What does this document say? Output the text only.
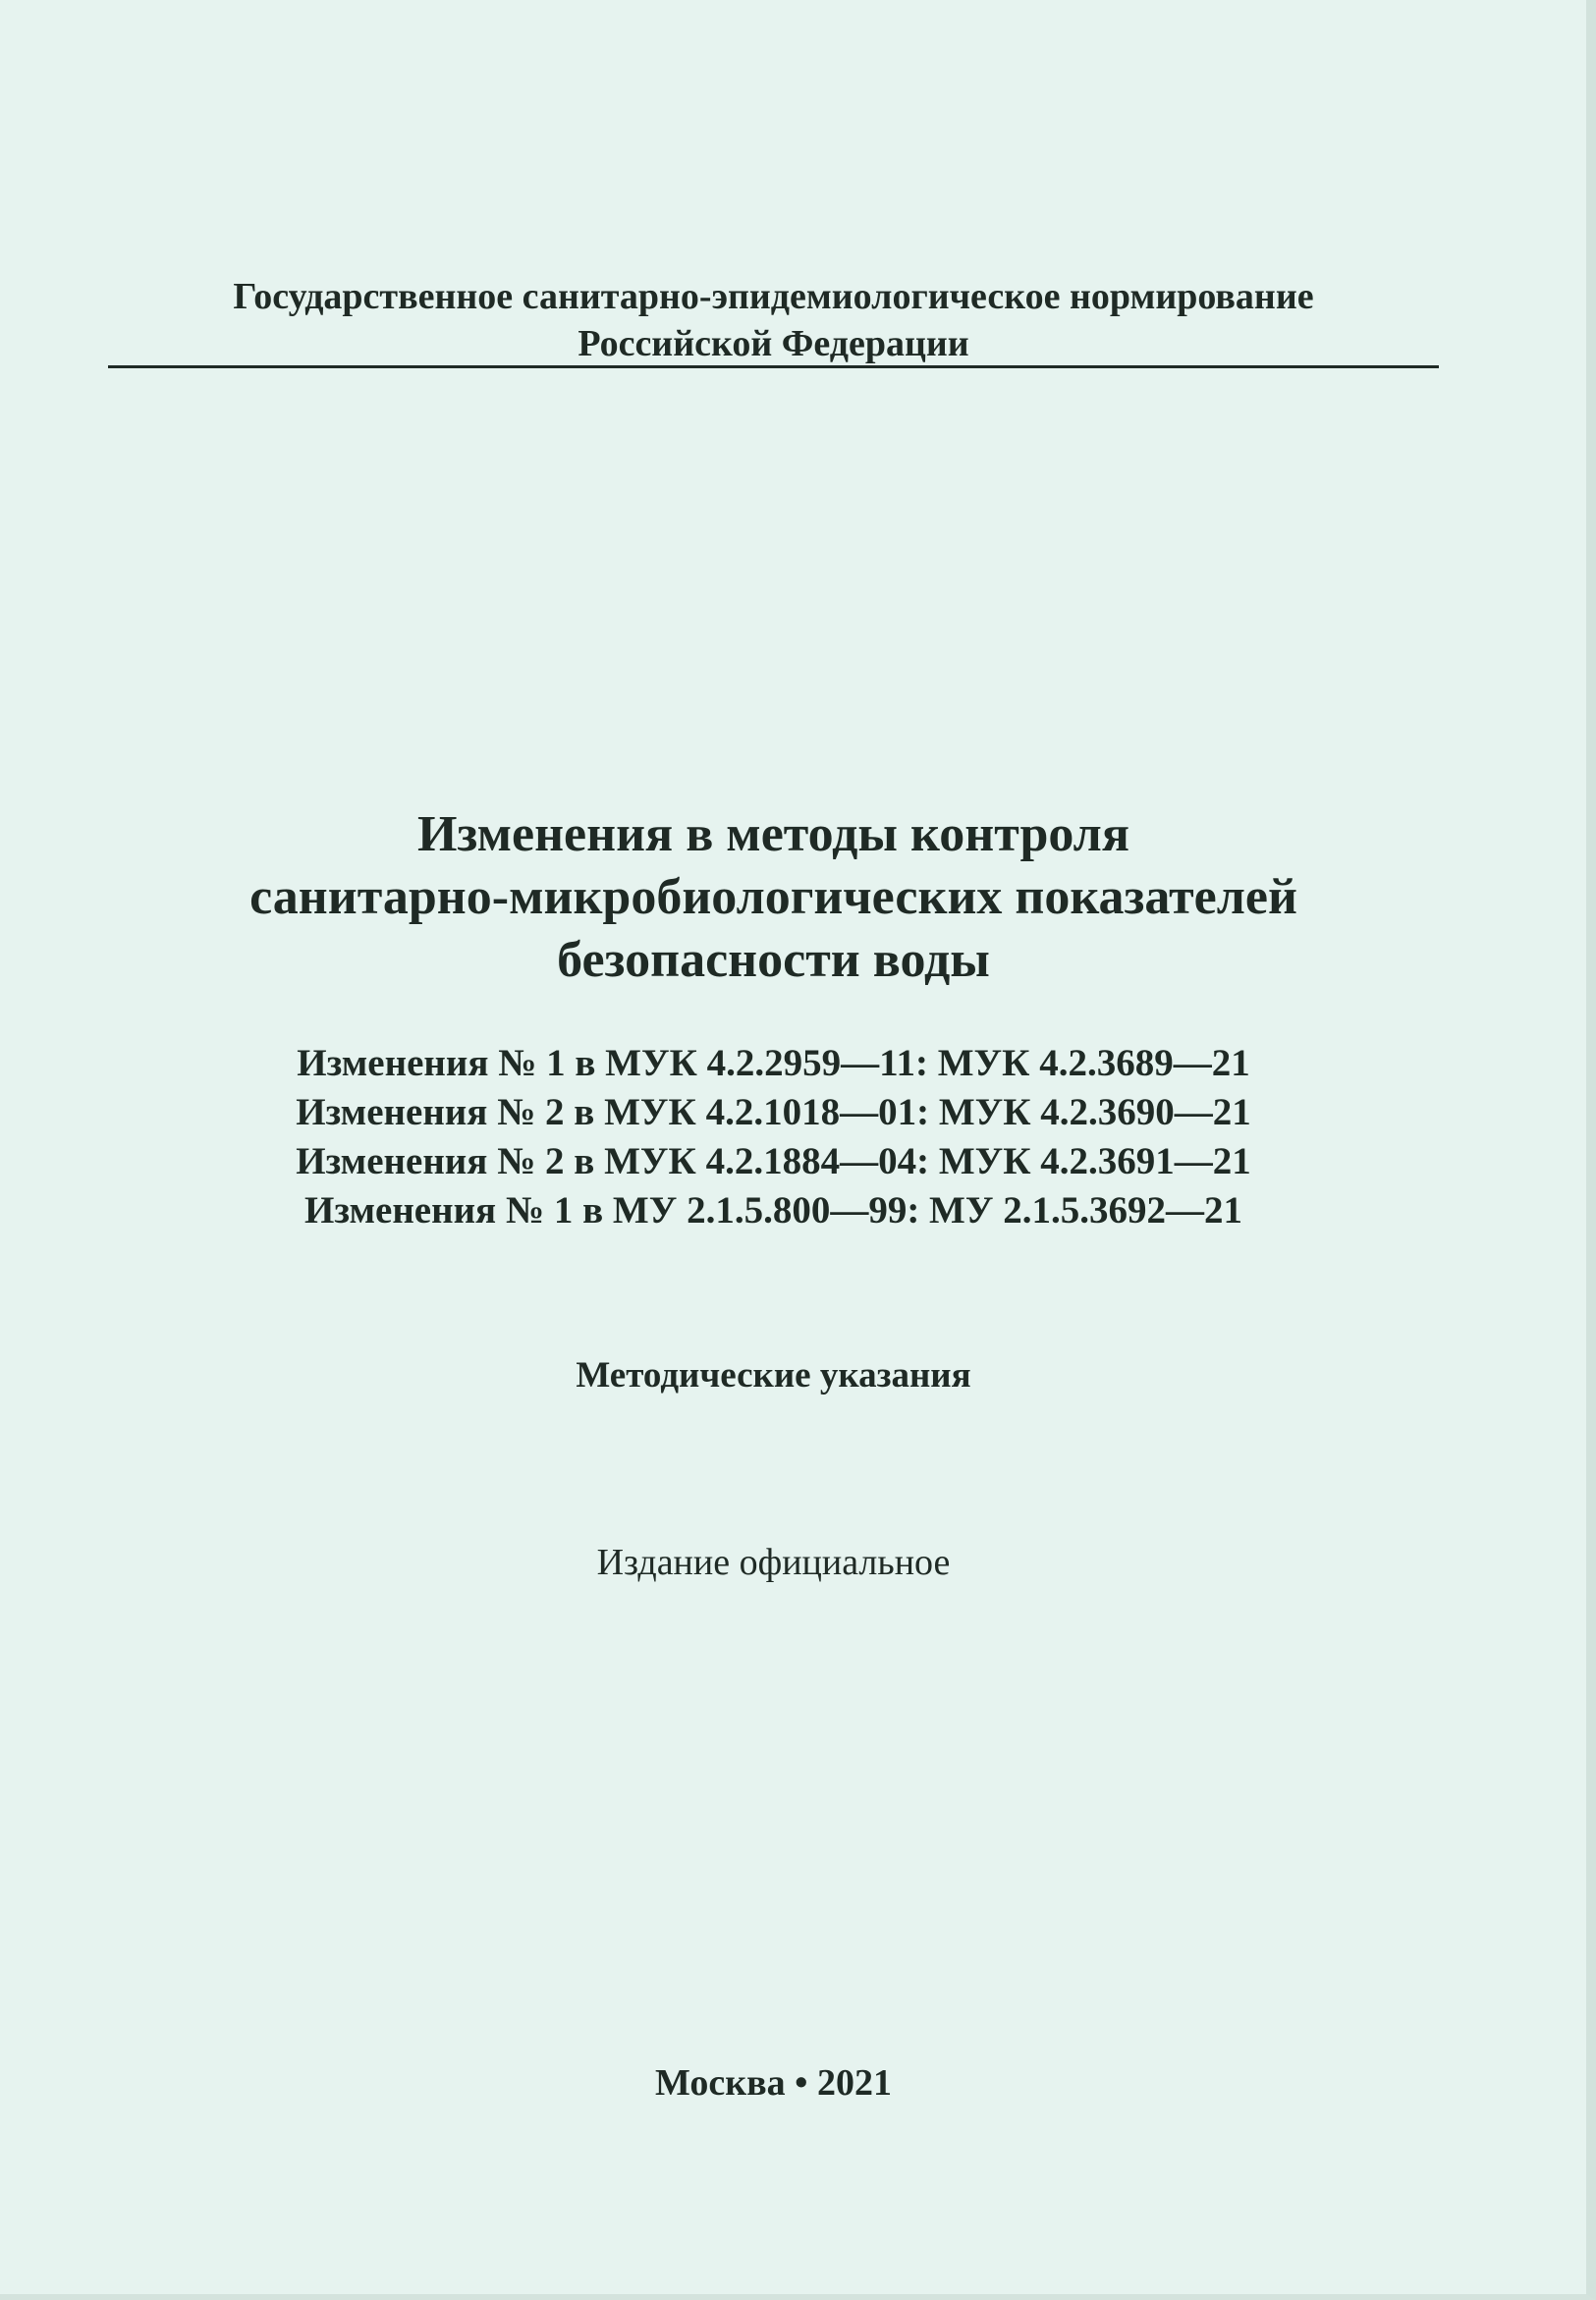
Государственное санитарно-эпидемиологическое нормирование
Российской Федерации
Изменения в методы контроля
санитарно-микробиологических показателей
безопасности воды
Изменения № 1 в МУК 4.2.2959—11: МУК 4.2.3689—21
Изменения № 2 в МУК 4.2.1018—01: МУК 4.2.3690—21
Изменения № 2 в МУК 4.2.1884—04: МУК 4.2.3691—21
Изменения № 1 в МУ 2.1.5.800—99: МУ 2.1.5.3692—21
Методические указания
Издание официальное
Москва • 2021
